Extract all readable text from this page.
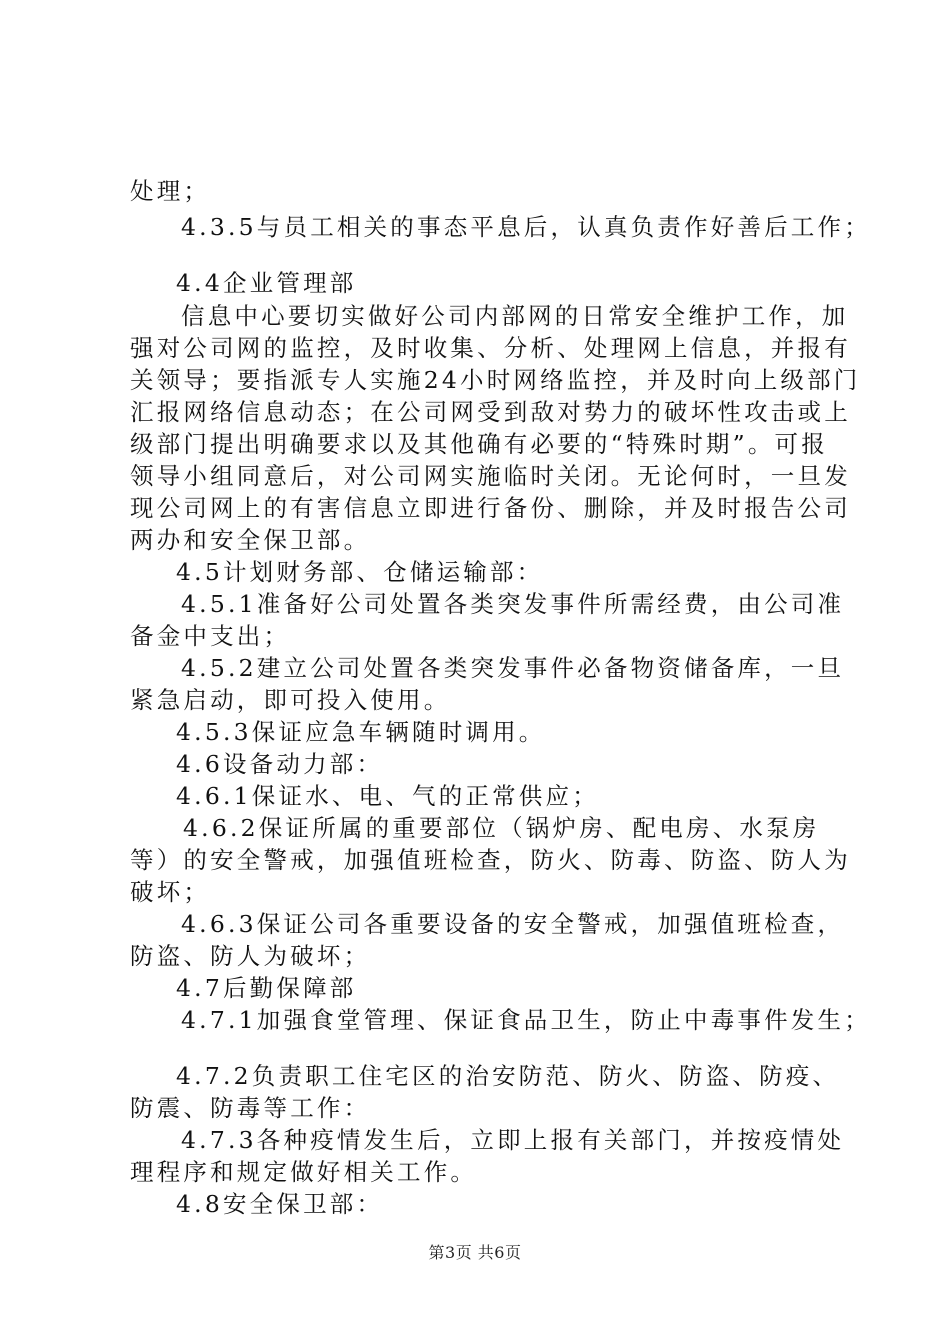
处理；

4.3.5与员工相关的事态平息后，认真负责作好善后工作；

4.4企业管理部

信息中心要切实做好公司内部网的日常安全维护工作，加

强对公司网的监控，及时收集、分析、处理网上信息，并报有

关领导；要指派专人实施24小时网络监控，并及时向上级部门

汇报网络信息动态；在公司网受到敌对势力的破坏性攻击或上

级部门提出明确要求以及其他确有必要的“特殊时期”。可报

领导小组同意后，对公司网实施临时关闭。无论何时，一旦发

现公司网上的有害信息立即进行备份、删除，并及时报告公司

两办和安全保卫部。

4.5计划财务部、仓储运输部：

4.5.1准备好公司处置各类突发事件所需经费，由公司准

备金中支出；

4.5.2建立公司处置各类突发事件必备物资储备库，一旦

紧急启动，即可投入使用。

4.5.3保证应急车辆随时调用。

4.6设备动力部：

4.6.1保证水、电、气的正常供应；

4.6.2保证所属的重要部位（锅炉房、配电房、水泵房

等）的安全警戒，加强值班检查，防火、防毒、防盗、防人为

破坏；

4.6.3保证公司各重要设备的安全警戒，加强值班检查，

防盗、防人为破坏；

4.7后勤保障部

4.7.1加强食堂管理、保证食品卫生，防止中毒事件发生；

4.7.2负责职工住宅区的治安防范、防火、防盗、防疫、

防震、防毒等工作：

4.7.3各种疫情发生后，立即上报有关部门，并按疫情处

理程序和规定做好相关工作。

4.8安全保卫部：

第3页 共6页
